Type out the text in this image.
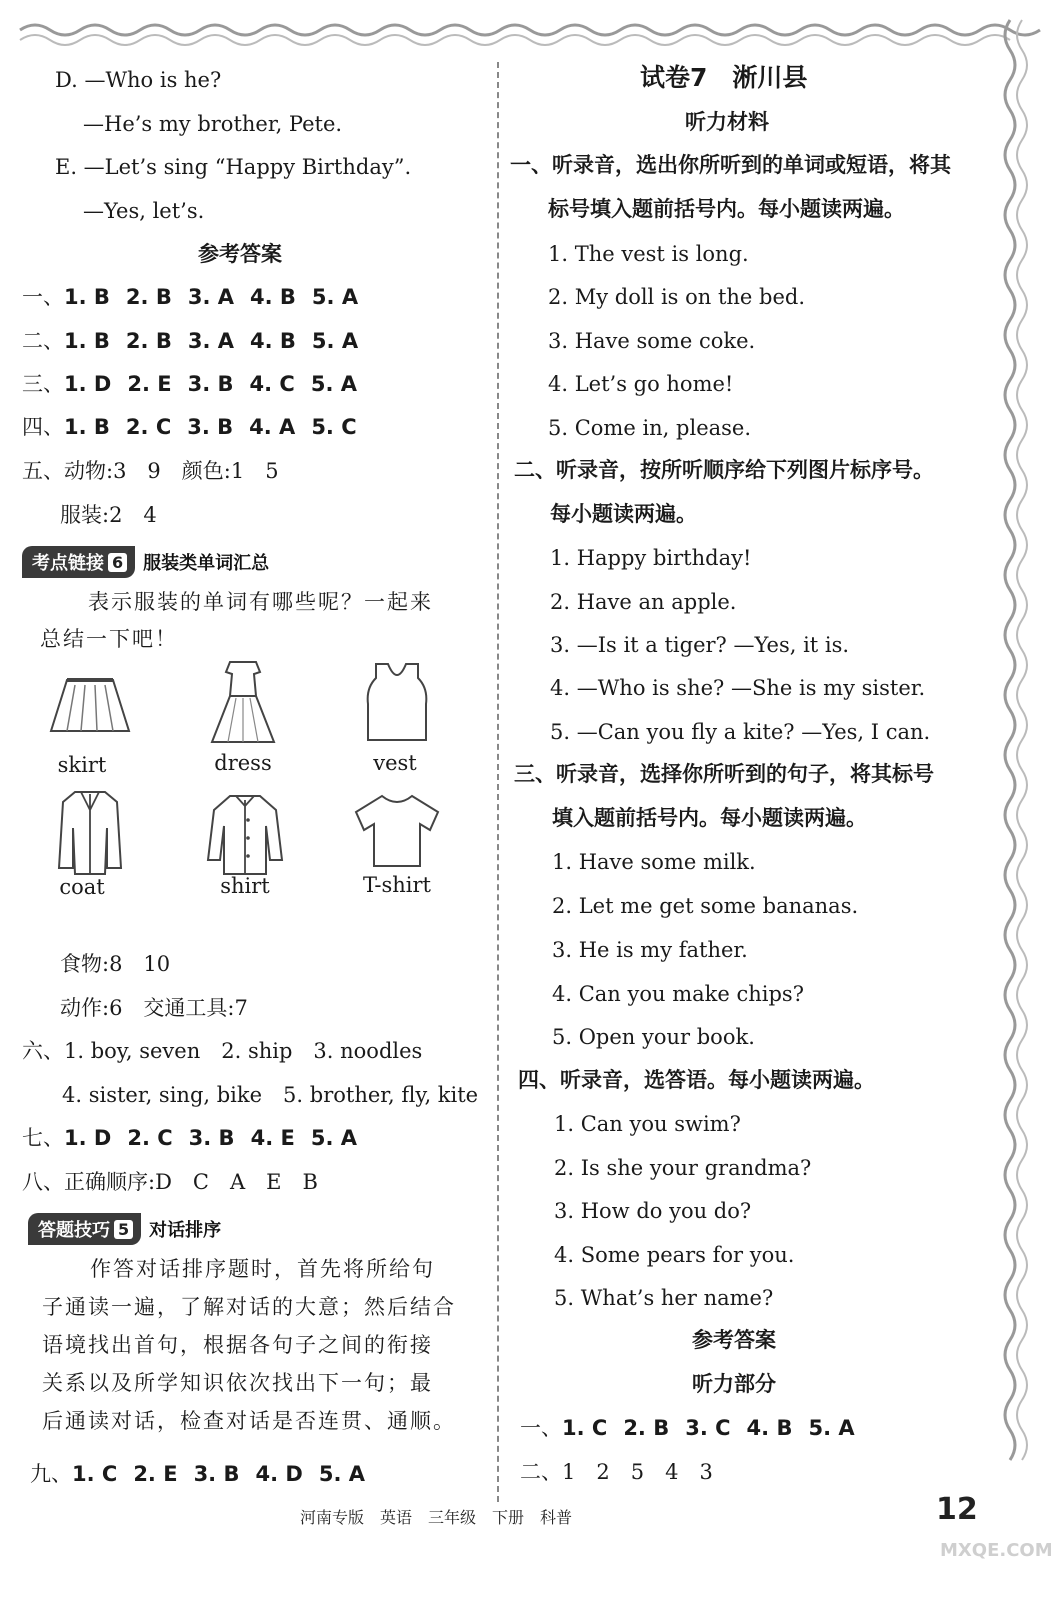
D. —Who is he?
—He’s my brother, Pete.
E. —Let’s sing “Happy Birthday”.
—Yes, let’s.
参考答案
一、1. B 2. B 3. A 4. B 5. A
二、1. B 2. B 3. A 4. B 5. A
三、1. D 2. E 3. B 4. C 5. A
四、1. B 2. C 3. B 4. A 5. C
五、动物:3　9　颜色:1　5
服装:2　4
考点链接 6 服装类单词汇总
表示服装的单词有哪些呢？一起来
总结一下吧！
skirt	dress	vest
coat	shirt	T-shirt
食物:8　10
动作:6　交通工具:7
六、1. boy, seven　2. ship　3. noodles
4. sister, sing, bike　5. brother, fly, kite
七、1. D 2. C 3. B 4. E 5. A
八、正确顺序:D　C　A　E　B
答题技巧 5 对话排序
作答对话排序题时，首先将所给句
子通读一遍，了解对话的大意；然后结合
语境找出首句，根据各句子之间的衔接
关系以及所学知识依次找出下一句；最
后通读对话，检查对话是否连贯、通顺。
九、1. C 2. E 3. B 4. D 5. A
试卷7　淅川县
听力材料
一、听录音，选出你所听到的单词或短语，将其
标号填入题前括号内。每小题读两遍。
1. The vest is long.
2. My doll is on the bed.
3. Have some coke.
4. Let’s go home!
5. Come in, please.
二、听录音，按所听顺序给下列图片标序号。
每小题读两遍。
1. Happy birthday!
2. Have an apple.
3. —Is it a tiger? —Yes, it is.
4. —Who is she? —She is my sister.
5. —Can you fly a kite? —Yes, I can.
三、听录音，选择你所听到的句子，将其标号
填入题前括号内。每小题读两遍。
1. Have some milk.
2. Let me get some bananas.
3. He is my father.
4. Can you make chips?
5. Open your book.
四、听录音，选答语。每小题读两遍。
1. Can you swim?
2. Is she your grandma?
3. How do you do?
4. Some pears for you.
5. What’s her name?
参考答案
听力部分
一、1. C 2. B 3. C 4. B 5. A
二、1　2　5　4　3
河南专版　英语　三年级　下册　科普	12
MXQE.COM
